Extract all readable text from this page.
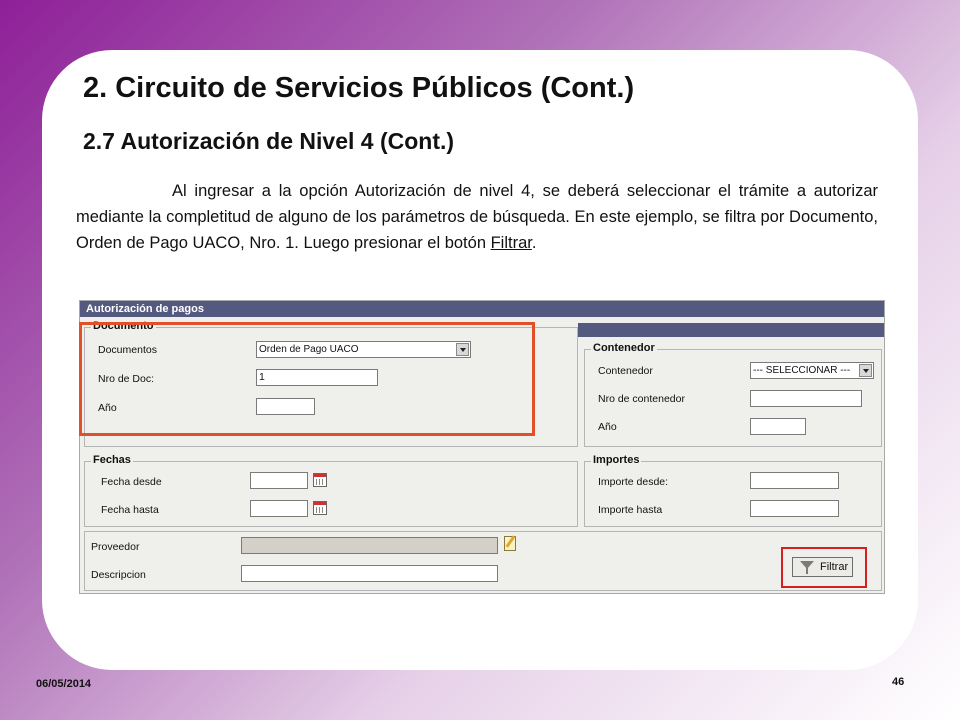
2. Circuito de Servicios Públicos (Cont.)
2.7 Autorización de Nivel 4 (Cont.)
Al ingresar a la opción Autorización de nivel 4, se deberá seleccionar el trámite a autorizar mediante la completitud de alguno de los parámetros de búsqueda. En este ejemplo, se filtra por Documento, Orden de Pago UACO, Nro. 1. Luego presionar el botón Filtrar.
Autorización de pagos
Documento
Documentos	Orden de Pago UACO
Nro de Doc:	1
Año
Contenedor
Contenedor	--- SELECCIONAR ---
Nro de contenedor
Año
Fechas
Fecha desde
Fecha hasta
Importes
Importe desde:
Importe hasta
Proveedor
Descripcion
Filtrar
06/05/2014	46
